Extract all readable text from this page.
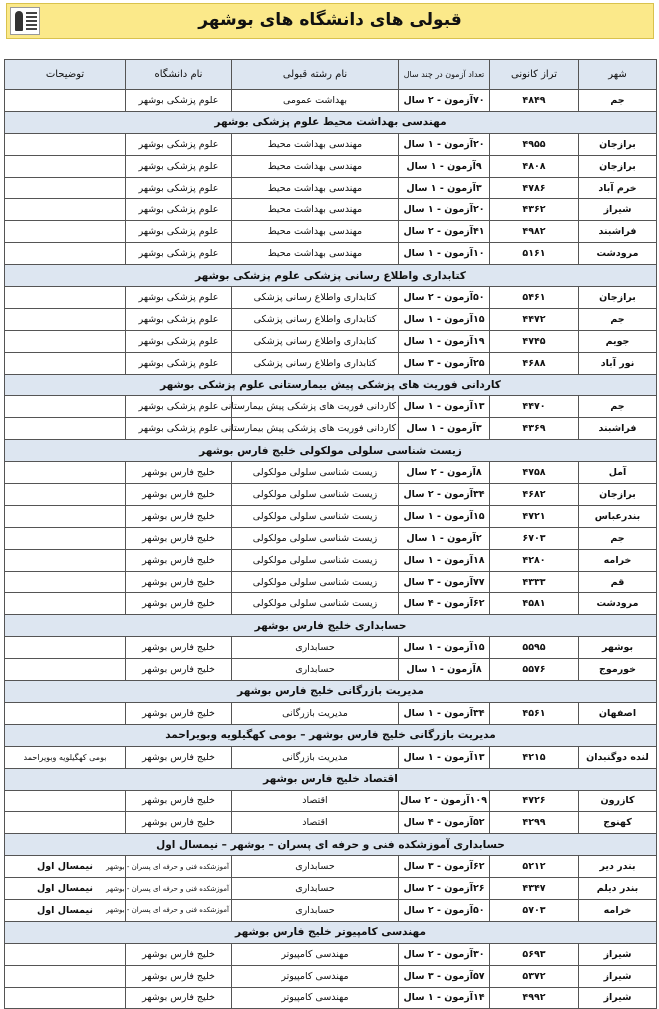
قبولی های دانشگاه های بوشهر
شهر	تراز کانونی	تعداد آزمون در چند سال	نام رشته قبولی	نام دانشگاه	توضیحات
جم	۴۸۴۹	۷۰آزمون - ۲ سال	بهداشت عمومی	علوم پزشکی بوشهر	
مهندسی بهداشت محیط علوم پزشکی بوشهر					
برازجان	۴۹۵۵	۲۰آزمون - ۱ سال	مهندسی بهداشت محیط	علوم پزشکی بوشهر	
برازجان	۴۸۰۸	۹آزمون - ۱ سال	مهندسی بهداشت محیط	علوم پزشکی بوشهر	
خرم آباد	۴۷۸۶	۳آزمون - ۱ سال	مهندسی بهداشت محیط	علوم پزشکی بوشهر	
شیراز	۴۳۶۲	۲۰آزمون - ۱ سال	مهندسی بهداشت محیط	علوم پزشکی بوشهر	
فراشبند	۴۹۸۲	۴۱آزمون - ۲ سال	مهندسی بهداشت محیط	علوم پزشکی بوشهر	
مرودشت	۵۱۶۱	۱۰آزمون - ۱ سال	مهندسی بهداشت محیط	علوم پزشکی بوشهر	
کتابداری واطلاع رسانی پزشکی علوم پزشکی بوشهر					
برازجان	۵۴۶۱	۵۰آزمون - ۲ سال	کتابداری واطلاع رسانی پزشکی	علوم پزشکی بوشهر	
جم	۴۴۷۲	۱۵آزمون - ۱ سال	کتابداری واطلاع رسانی پزشکی	علوم پزشکی بوشهر	
جویم	۴۷۴۵	۱۹آزمون - ۱ سال	کتابداری واطلاع رسانی پزشکی	علوم پزشکی بوشهر	
نور آباد	۴۶۸۸	۲۵آزمون - ۳ سال	کتابداری واطلاع رسانی پزشکی	علوم پزشکی بوشهر	
کاردانی فوریت های پزشکی پیش بیمارستانی علوم پزشکی بوشهر					
جم	۴۴۷۰	۱۳آزمون - ۱ سال	کاردانی فوریت های پزشکی پیش بیمارستانی	علوم پزشکی بوشهر	
فراشبند	۴۳۶۹	۳آزمون - ۱ سال	کاردانی فوریت های پزشکی پیش بیمارستانی	علوم پزشکی بوشهر	
زیست شناسی سلولی مولکولی خلیج فارس بوشهر					
آمل	۴۷۵۸	۸آزمون - ۲ سال	زیست شناسی سلولی مولکولی	خلیج فارس بوشهر	
برازجان	۴۶۸۲	۳۴آزمون - ۲ سال	زیست شناسی سلولی مولکولی	خلیج فارس بوشهر	
بندرعباس	۴۷۲۱	۱۵آزمون - ۱ سال	زیست شناسی سلولی مولکولی	خلیج فارس بوشهر	
جم	۶۷۰۳	۲آزمون - ۱ سال	زیست شناسی سلولی مولکولی	خلیج فارس بوشهر	
خرامه	۴۲۸۰	۱۸آزمون - ۱ سال	زیست شناسی سلولی مولکولی	خلیج فارس بوشهر	
قم	۴۳۳۳	۷۷آزمون - ۳ سال	زیست شناسی سلولی مولکولی	خلیج فارس بوشهر	
مرودشت	۴۵۸۱	۶۲آزمون - ۴ سال	زیست شناسی سلولی مولکولی	خلیج فارس بوشهر	
حسابداری خلیج فارس بوشهر					
بوشهر	۵۵۹۵	۱۵آزمون - ۱ سال	حسابداری	خلیج فارس بوشهر	
خورموج	۵۵۷۶	۸آزمون - ۱ سال	حسابداری	خلیج فارس بوشهر	
مدیریت بازرگانی خلیج فارس بوشهر					
اصفهان	۴۵۶۱	۳۴آزمون - ۱ سال	مدیریت بازرگانی	خلیج فارس بوشهر	
مدیریت بازرگانی خلیج فارس بوشهر – بومی کهگیلویه وبویراحمد					
لنده دوگنبدان	۴۲۱۵	۱۳آزمون - ۱ سال	مدیریت بازرگانی	خلیج فارس بوشهر	بومی کهگیلویه وبویراحمد
اقتصاد خلیج فارس بوشهر					
کازرون	۴۷۲۶	۱۰۹آزمون - ۲ سال	اقتصاد	خلیج فارس بوشهر	
کهنوج	۴۲۹۹	۵۲آزمون - ۴ سال	اقتصاد	خلیج فارس بوشهر	
حسابداری آموزشکده فنی و حرفه ای پسران – بوشهر – نیمسال اول					
بندر دیر	۵۲۱۲	۶۲آزمون - ۳ سال	حسابداری	آموزشکده فنی و حرفه ای پسران - بوشهر	نیمسال اول
بندر دیلم	۴۳۴۷	۲۶آزمون - ۲ سال	حسابداری	آموزشکده فنی و حرفه ای پسران - بوشهر	نیمسال اول
خرامه	۵۷۰۳	۵۰آزمون - ۲ سال	حسابداری	آموزشکده فنی و حرفه ای پسران - بوشهر	نیمسال اول
مهندسی کامپیوتر خلیج فارس بوشهر					
شیراز	۵۶۹۳	۳۰آزمون - ۲ سال	مهندسی کامپیوتر	خلیج فارس بوشهر	
شیراز	۵۳۷۲	۵۷آزمون - ۳ سال	مهندسی کامپیوتر	خلیج فارس بوشهر	
شیراز	۴۹۹۲	۱۴آزمون - ۱ سال	مهندسی کامپیوتر	خلیج فارس بوشهر	
